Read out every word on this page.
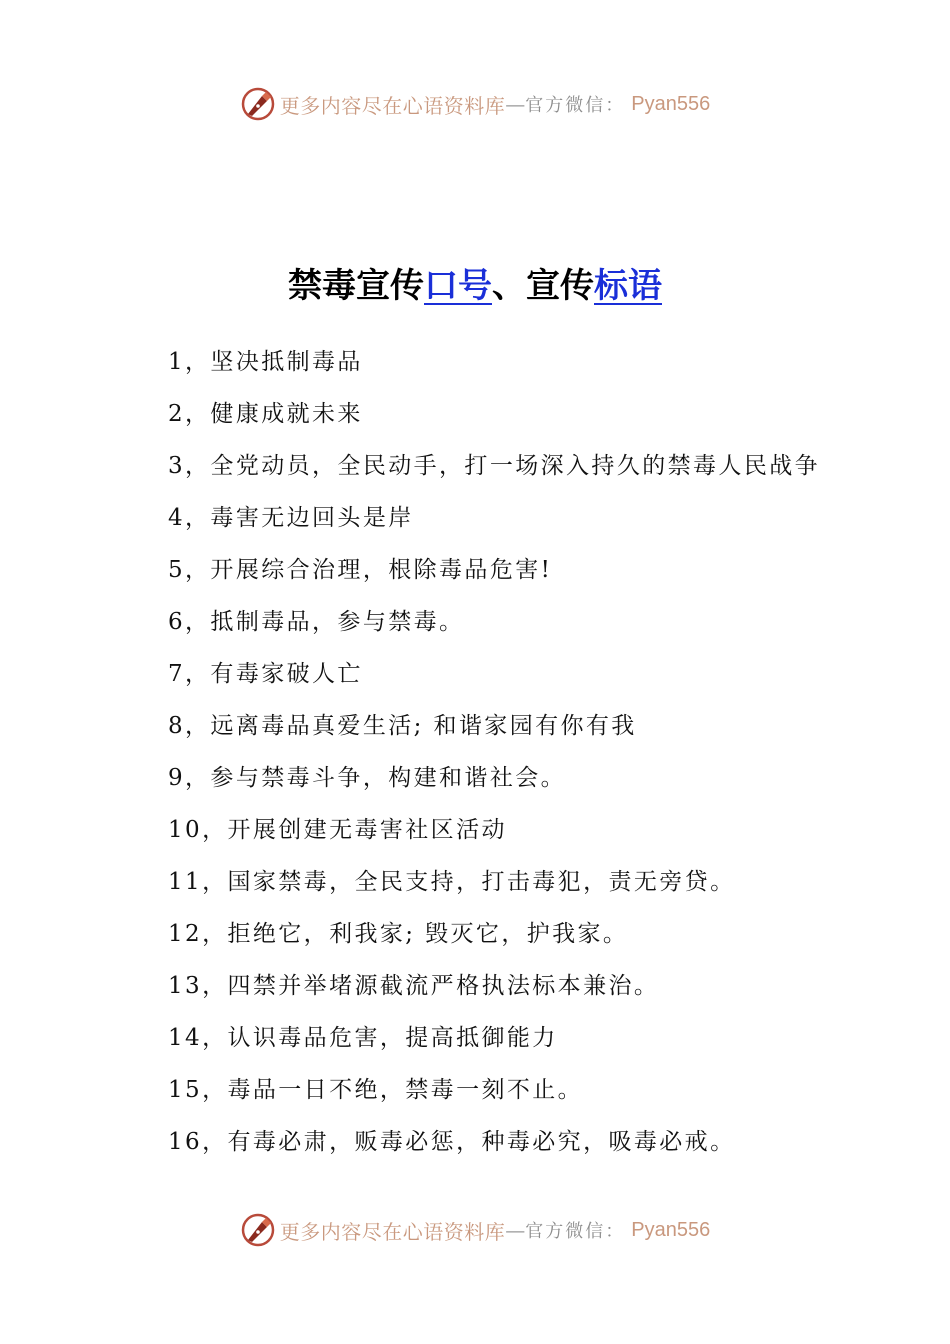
更多内容尽在心语资料库 — 官方微信： Pyan556
禁毒宣传口号、宣传标语
1，坚决抵制毒品
2，健康成就未来
3，全党动员，全民动手，打一场深入持久的禁毒人民战争
4，毒害无边回头是岸
5，开展综合治理，根除毒品危害!
6，抵制毒品，参与禁毒。
7，有毒家破人亡
8，远离毒品真爱生活; 和谐家园有你有我
9，参与禁毒斗争，构建和谐社会。
10，开展创建无毒害社区活动
11，国家禁毒，全民支持，打击毒犯，责无旁贷。
12，拒绝它，利我家; 毁灭它，护我家。
13，四禁并举堵源截流严格执法标本兼治。
14，认识毒品危害，提高抵御能力
15，毒品一日不绝，禁毒一刻不止。
16，有毒必肃，贩毒必惩，种毒必究，吸毒必戒。
更多内容尽在心语资料库 — 官方微信： Pyan556
